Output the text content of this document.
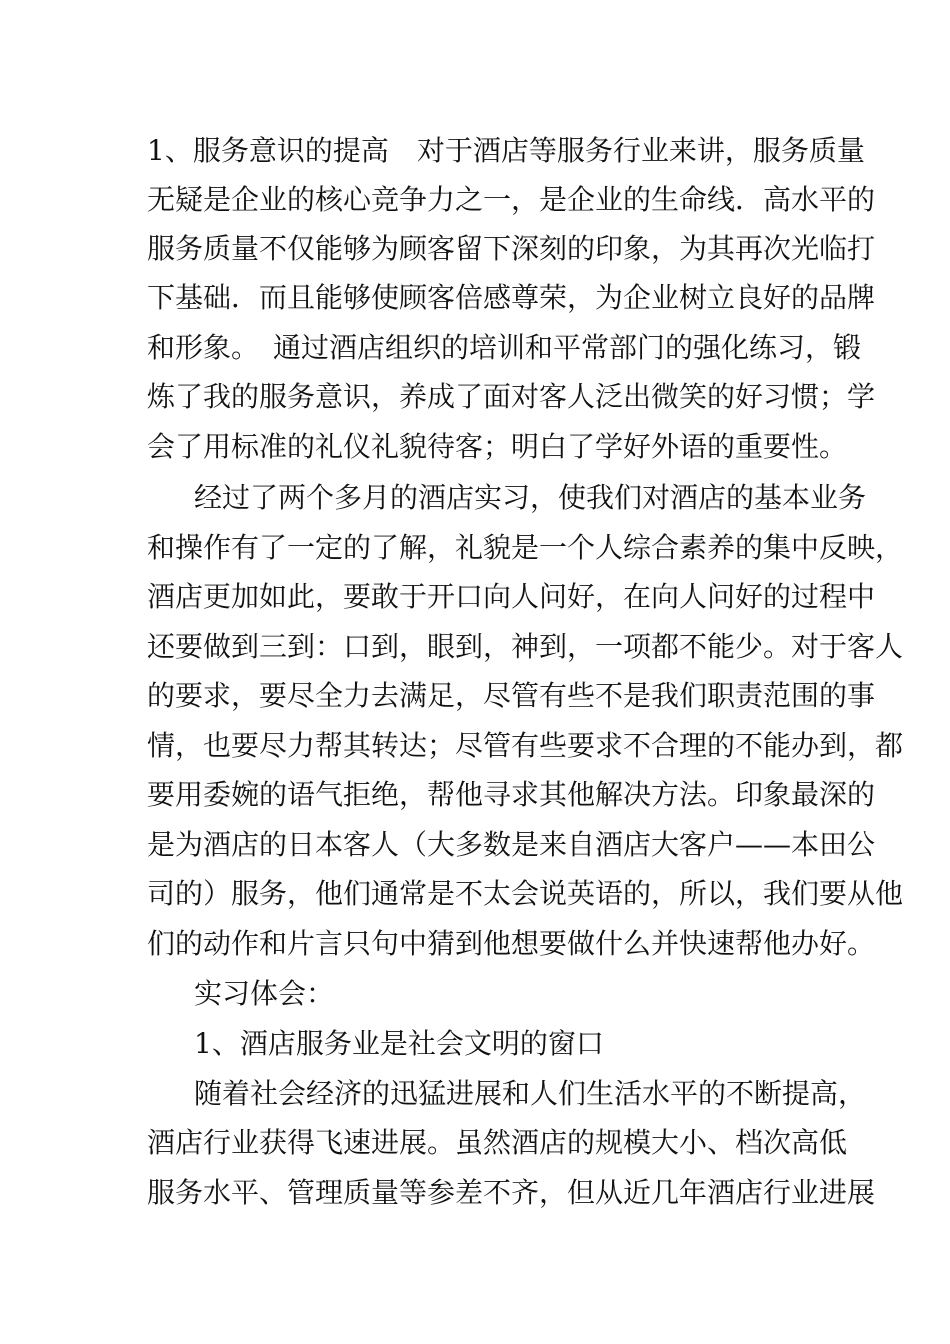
1、服务意识的提高　对于酒店等服务行业来讲，服务质量

无疑是企业的核心竞争力之一，是企业的生命线．高水平的

服务质量不仅能够为顾客留下深刻的印象，为其再次光临打

下基础．而且能够使顾客倍感尊荣，为企业树立良好的品牌

和形象。　通过酒店组织的培训和平常部门的强化练习，锻

炼了我的服务意识，养成了面对客人泛出微笑的好习惯；学

会了用标准的礼仪礼貌待客；明白了学好外语的重要性。

经过了两个多月的酒店实习，使我们对酒店的基本业务

和操作有了一定的了解，礼貌是一个人综合素养的集中反映，

酒店更加如此，要敢于开口向人问好，在向人问好的过程中

还要做到三到：口到，眼到，神到，一项都不能少。对于客人

的要求，要尽全力去满足，尽管有些不是我们职责范围的事

情，也要尽力帮其转达；尽管有些要求不合理的不能办到，都

要用委婉的语气拒绝，帮他寻求其他解决方法。印象最深的

是为酒店的日本客人（大多数是来自酒店大客户——本田公

司的）服务，他们通常是不太会说英语的，所以，我们要从他

们的动作和片言只句中猜到他想要做什么并快速帮他办好。

实习体会：

1、酒店服务业是社会文明的窗口

随着社会经济的迅猛进展和人们生活水平的不断提高，

酒店行业获得飞速进展。虽然酒店的规模大小、档次高低

服务水平、管理质量等参差不齐，但从近几年酒店行业进展
